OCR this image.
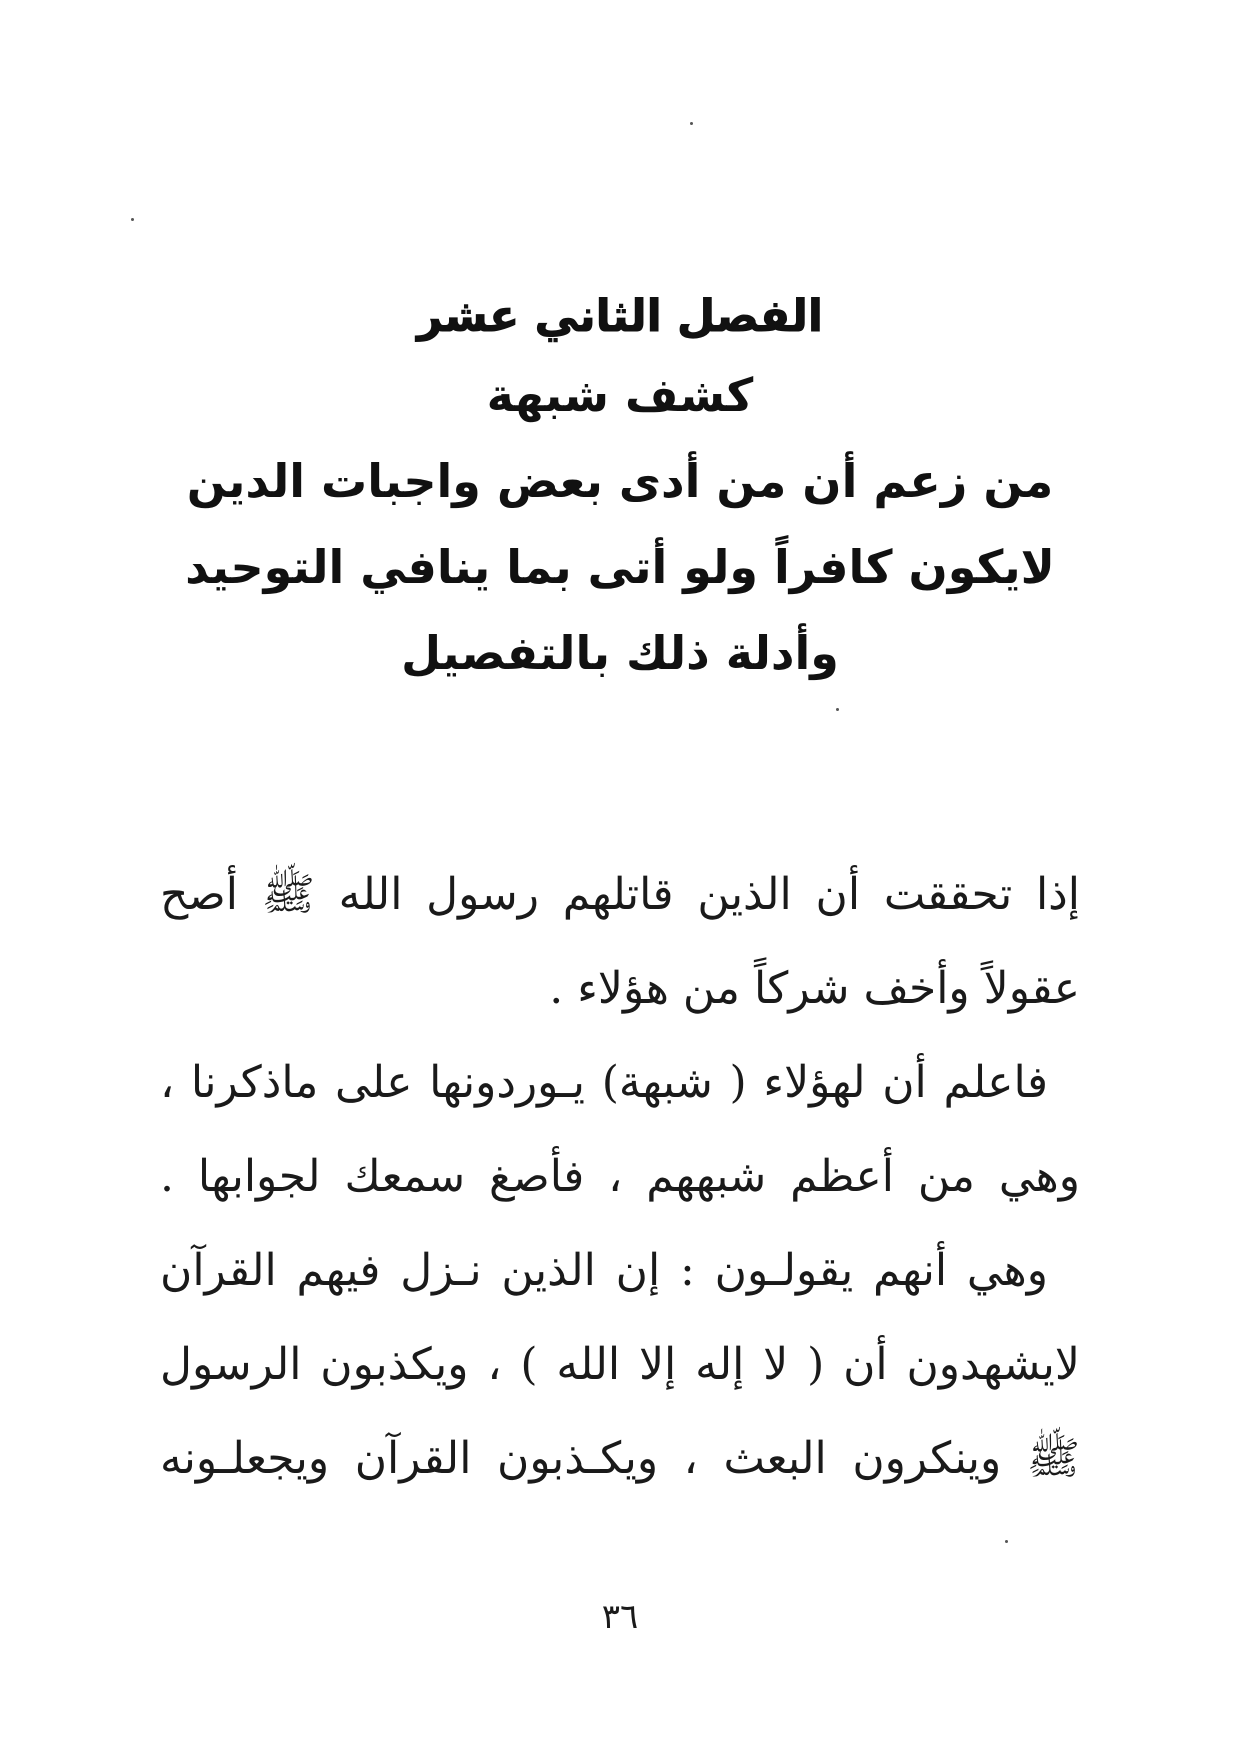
الفصل الثاني عشر
كشف شبهة
من زعم أن من أدى بعض واجبات الدين
لايكون كافراً ولو أتى بما ينافي التوحيد
وأدلة ذلك بالتفصيل
إذا تحققت أن الذين قاتلهم رسول الله ﷺ أصح
عقولاً وأخف شركاً من هؤلاء .
فاعلم أن لهؤلاء ( شبهة) يـوردونها على ماذكرنا ،
وهي من أعظم شبههم ، فأصغ سمعك لجوابها .
وهي أنهم يقولـون : إن الذين نـزل فيهم القرآن
لايشهدون أن ( لا إله إلا الله ) ، ويكذبون الرسول
ﷺ وينكرون البعث ، ويكـذبون القرآن ويجعلـونه
٣٦
